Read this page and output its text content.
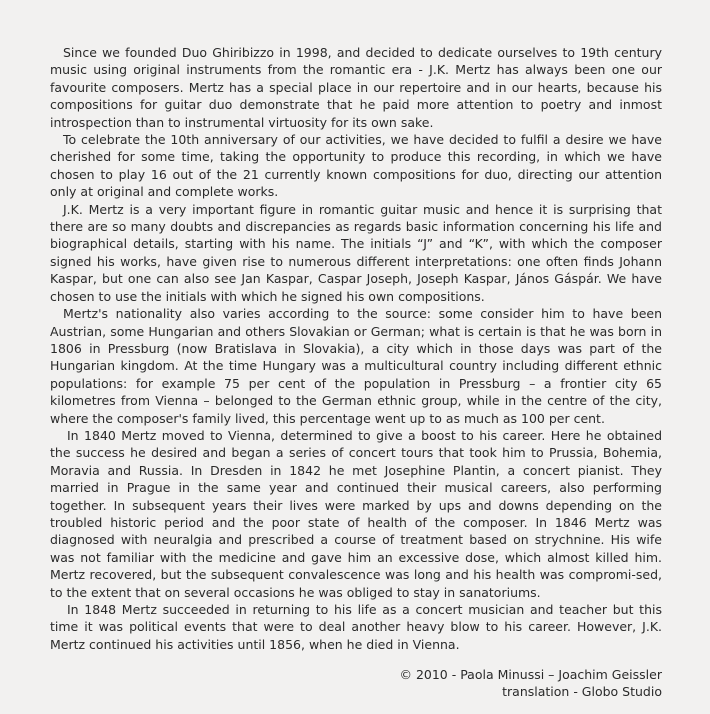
Since we founded Duo Ghiribizzo in 1998, and decided to dedicate ourselves to 19th century music using original instruments from the romantic era - J.K. Mertz has always been one our favourite composers. Mertz has a special place in our repertoire and in our hearts, because his compositions for guitar duo demonstrate that he paid more attention to poetry and inmost introspection than to instrumental virtuosity for its own sake.

To celebrate the 10th anniversary of our activities, we have decided to fulfil a desire we have cherished for some time, taking the opportunity to produce this recording, in which we have chosen to play 16 out of the 21 currently known compositions for duo, directing our attention only at original and complete works.

J.K. Mertz is a very important figure in romantic guitar music and hence it is surprising that there are so many doubts and discrepancies as regards basic information concerning his life and biographical details, starting with his name. The initials “J” and “K”, with which the composer signed his works, have given rise to numerous different interpretations: one often finds Johann Kaspar, but one can also see Jan Kaspar, Caspar Joseph, Joseph Kaspar, János Gáspár. We have chosen to use the initials with which he signed his own compositions.

Mertz's nationality also varies according to the source: some consider him to have been Austrian, some Hungarian and others Slovakian or German; what is certain is that he was born in 1806 in Pressburg (now Bratislava in Slovakia), a city which in those days was part of the Hungarian kingdom. At the time Hungary was a multicultural country including different ethnic populations: for example 75 per cent of the population in Pressburg – a frontier city 65 kilometres from Vienna – belonged to the German ethnic group, while in the centre of the city, where the composer's family lived, this percentage went up to as much as 100 per cent.

In 1840 Mertz moved to Vienna, determined to give a boost to his career. Here he obtained the success he desired and began a series of concert tours that took him to Prussia, Bohemia, Moravia and Russia. In Dresden in 1842 he met Josephine Plantin, a concert pianist. They married in Prague in the same year and continued their musical careers, also performing together. In subsequent years their lives were marked by ups and downs depending on the troubled historic period and the poor state of health of the composer. In 1846 Mertz was diagnosed with neuralgia and prescribed a course of treatment based on strychnine. His wife was not familiar with the medicine and gave him an excessive dose, which almost killed him. Mertz recovered, but the subsequent convalescence was long and his health was compromi-sed, to the extent that on several occasions he was obliged to stay in sanatoriums.

In 1848 Mertz succeeded in returning to his life as a concert musician and teacher but this time it was political events that were to deal another heavy blow to his career. However, J.K. Mertz continued his activities until 1856, when he died in Vienna.

© 2010 - Paola Minussi – Joachim Geissler
translation - Globo Studio
